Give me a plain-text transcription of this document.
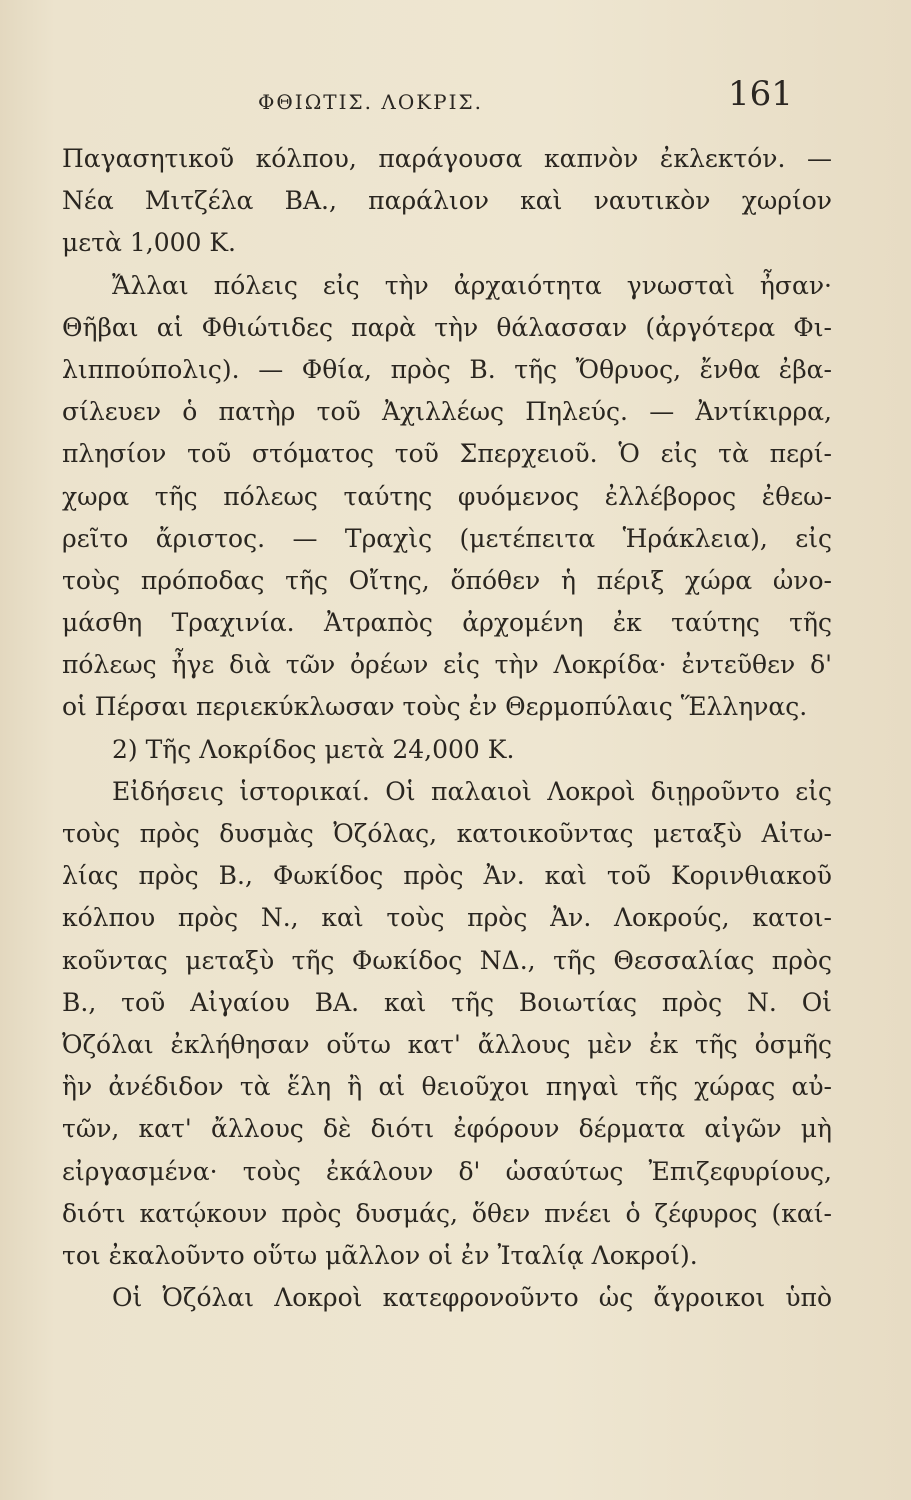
ΦΘΙΩΤΙΣ. ΛΟΚΡΙΣ.	161
Παγασητικοῦ κόλπου, παράγουσα καπνὸν ἐκλεκτόν. —
Νέα Μιτζέλα ΒΑ., παράλιον καὶ ναυτικὸν χωρίον
μετὰ 1,000 Κ.
Ἄλλαι πόλεις εἰς τὴν ἀρχαιότητα γνωσταὶ ἦσαν·
Θῆβαι αἱ Φθιώτιδες παρὰ τὴν θάλασσαν (ἀργότερα Φι-
λιππούπολις). — Φθία, πρὸς Β. τῆς Ὄθρυος, ἔνθα ἐβα-
σίλευεν ὁ πατὴρ τοῦ Ἀχιλλέως Πηλεύς. — Ἀντίκιρρα,
πλησίον τοῦ στόματος τοῦ Σπερχειοῦ. Ὁ εἰς τὰ περί-
χωρα τῆς πόλεως ταύτης φυόμενος ἐλλέβορος ἐθεω-
ρεῖτο ἄριστος. — Τραχὶς (μετέπειτα Ἡράκλεια), εἰς
τοὺς πρόποδας τῆς Οἴτης, ὅπόθεν ἡ πέριξ χώρα ὠνο-
μάσθη Τραχινία. Ἀτραπὸς ἀρχομένη ἐκ ταύτης τῆς
πόλεως ἦγε διὰ τῶν ὀρέων εἰς τὴν Λοκρίδα· ἐντεῦθεν δ'
οἱ Πέρσαι περιεκύκλωσαν τοὺς ἐν Θερμοπύλαις Ἕλληνας.
2) Τῆς Λοκρίδος μετὰ 24,000 Κ.
Εἰδήσεις ἱστορικαί. Οἱ παλαιοὶ Λοκροὶ διῃροῦντο εἰς
τοὺς πρὸς δυσμὰς Ὀζόλας, κατοικοῦντας μεταξὺ Αἰτω-
λίας πρὸς Β., Φωκίδος πρὸς Ἀν. καὶ τοῦ Κορινθιακοῦ
κόλπου πρὸς Ν., καὶ τοὺς πρὸς Ἀν. Λοκρούς, κατοι-
κοῦντας μεταξὺ τῆς Φωκίδος ΝΔ., τῆς Θεσσαλίας πρὸς
Β., τοῦ Αἰγαίου ΒΑ. καὶ τῆς Βοιωτίας πρὸς Ν. Οἱ
Ὀζόλαι ἐκλήθησαν οὕτω κατ' ἄλλους μὲν ἐκ τῆς ὀσμῆς
ἣν ἀνέδιδον τὰ ἕλη ἢ αἱ θειοῦχοι πηγαὶ τῆς χώρας αὐ-
τῶν, κατ' ἄλλους δὲ διότι ἐφόρουν δέρματα αἰγῶν μὴ
εἰργασμένα· τοὺς ἐκάλουν δ' ὡσαύτως Ἐπιζεφυρίους,
διότι κατῴκουν πρὸς δυσμάς, ὅθεν πνέει ὁ ζέφυρος (καί-
τοι ἐκαλοῦντο οὕτω μᾶλλον οἱ ἐν Ἰταλίᾳ Λοκροί).
Οἱ Ὀζόλαι Λοκροὶ κατεφρονοῦντο ὡς ἄγροικοι ὑπὸ
